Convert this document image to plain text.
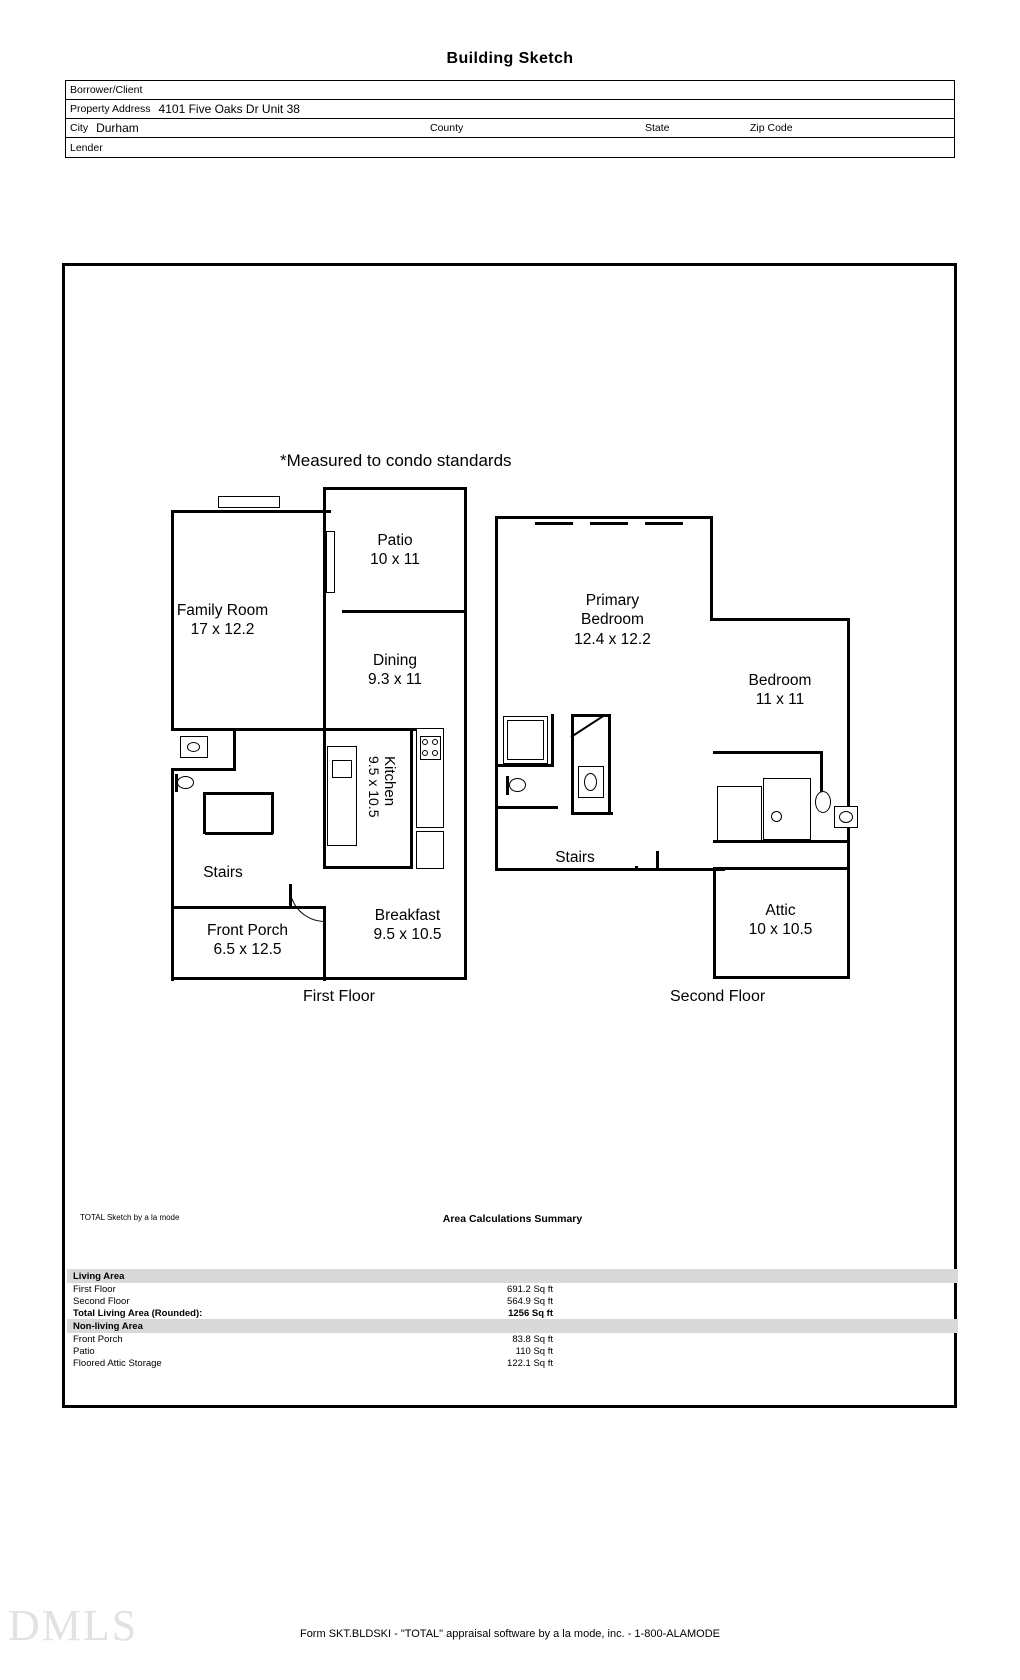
Building Sketch
Borrower/Client
Property Address 4101 Five Oaks Dr Unit 38
City Durham	County	State	Zip Code
Lender
*Measured to condo standards
Family Room
17 x 12.2
Patio
10 x 11
Dining
9.3 x 11
Kitchen
9.5 x 10.5
Breakfast
9.5 x 10.5
Front Porch
6.5 x 12.5
Stairs
First Floor
Primary
Bedroom
12.4 x 12.2
Bedroom
11 x 11
Attic
10 x 10.5
Stairs
Second Floor
TOTAL Sketch by a la mode	Area Calculations Summary
Living Area
First Floor	691.2 Sq ft
Second Floor	564.9 Sq ft
Total Living Area (Rounded):	1256 Sq ft
Non-living Area
Front Porch	83.8 Sq ft
Patio	110 Sq ft
Floored Attic Storage	122.1 Sq ft
DMLS	Form SKT.BLDSKI - "TOTAL" appraisal software by a la mode, inc. - 1-800-ALAMODE
